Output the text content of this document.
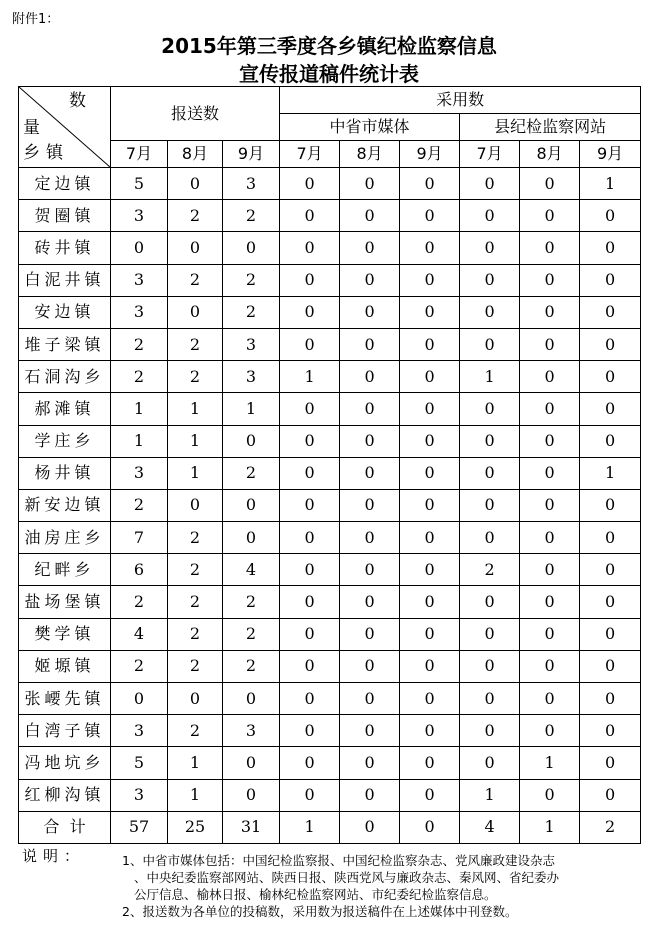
附件1：
2015年第三季度各乡镇纪检监察信息
宣传报道稿件统计表
数
量
乡镇	报送数			采用数					
				中省市媒体			县纪检监察网站		
	7月	8月	9月	7月	8月	9月	7月	8月	9月
定边镇	5	0	3	0	0	0	0	0	1
贺圈镇	3	2	2	0	0	0	0	0	0
砖井镇	0	0	0	0	0	0	0	0	0
白泥井镇	3	2	2	0	0	0	0	0	0
安边镇	3	0	2	0	0	0	0	0	0
堆子梁镇	2	2	3	0	0	0	0	0	0
石洞沟乡	2	2	3	1	0	0	1	0	0
郝滩镇	1	1	1	0	0	0	0	0	0
学庄乡	1	1	0	0	0	0	0	0	0
杨井镇	3	1	2	0	0	0	0	0	1
新安边镇	2	0	0	0	0	0	0	0	0
油房庄乡	7	2	0	0	0	0	0	0	0
纪畔乡	6	2	4	0	0	0	2	0	0
盐场堡镇	2	2	2	0	0	0	0	0	0
樊学镇	4	2	2	0	0	0	0	0	0
姬塬镇	2	2	2	0	0	0	0	0	0
张崾先镇	0	0	0	0	0	0	0	0	0
白湾子镇	3	2	3	0	0	0	0	0	0
冯地坑乡	5	1	0	0	0	0	0	1	0
红柳沟镇	3	1	0	0	0	0	1	0	0
合  计	57	25	31	1	0	0	4	1	2
说明：	1、中省市媒体包括：中国纪检监察报、中国纪检监察杂志、党风廉政建设杂志
、中央纪委监察部网站、陕西日报、陕西党风与廉政杂志、秦风网、省纪委办
公厅信息、榆林日报、榆林纪检监察网站、市纪委纪检监察信息。
2、报送数为各单位的投稿数，采用数为报送稿件在上述媒体中刊登数。
